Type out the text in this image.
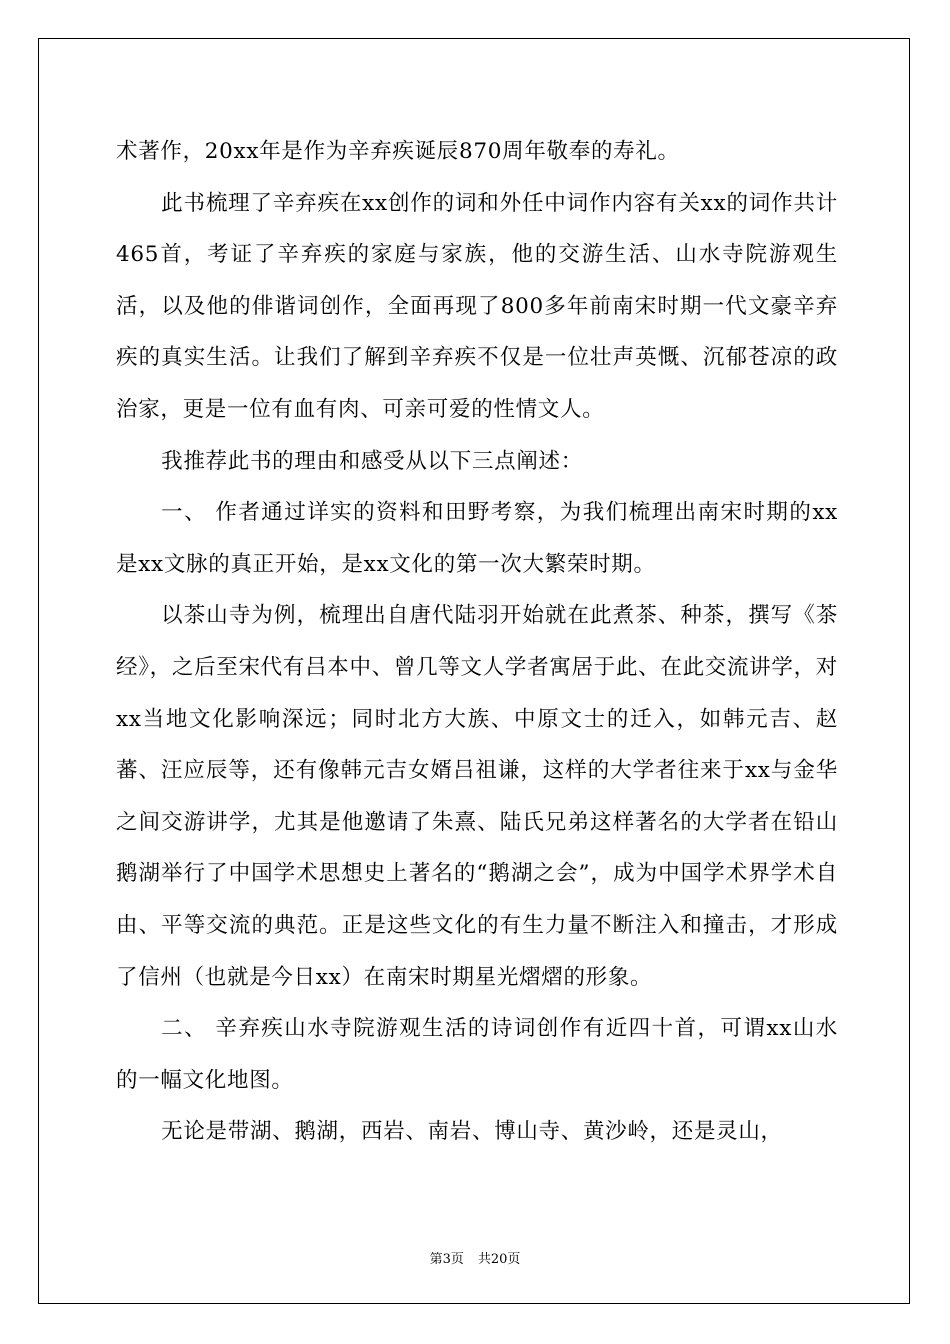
术著作，20xx年是作为辛弃疾诞辰870周年敬奉的寿礼。

此书梳理了辛弃疾在xx创作的词和外任中词作内容有关xx的词作共计465首，考证了辛弃疾的家庭与家族，他的交游生活、山水寺院游观生活，以及他的俳谐词创作，全面再现了800多年前南宋时期一代文豪辛弃疾的真实生活。让我们了解到辛弃疾不仅是一位壮声英慨、沉郁苍凉的政治家，更是一位有血有肉、可亲可爱的性情文人。

我推荐此书的理由和感受从以下三点阐述：

一、 作者通过详实的资料和田野考察，为我们梳理出南宋时期的xx是xx文脉的真正开始，是xx文化的第一次大繁荣时期。

以茶山寺为例，梳理出自唐代陆羽开始就在此煮茶、种茶，撰写《茶经》，之后至宋代有吕本中、曾几等文人学者寓居于此、在此交流讲学，对xx当地文化影响深远；同时北方大族、中原文士的迁入，如韩元吉、赵蕃、汪应辰等，还有像韩元吉女婿吕祖谦，这样的大学者往来于xx与金华之间交游讲学，尤其是他邀请了朱熹、陆氏兄弟这样著名的大学者在铅山鹅湖举行了中国学术思想史上著名的“鹅湖之会”，成为中国学术界学术自由、平等交流的典范。正是这些文化的有生力量不断注入和撞击，才形成了信州（也就是今日xx）在南宋时期星光熠熠的形象。

二、 辛弃疾山水寺院游观生活的诗词创作有近四十首，可谓xx山水的一幅文化地图。

无论是带湖、鹅湖，西岩、南岩、博山寺、黄沙岭，还是灵山，

第3页 共20页
